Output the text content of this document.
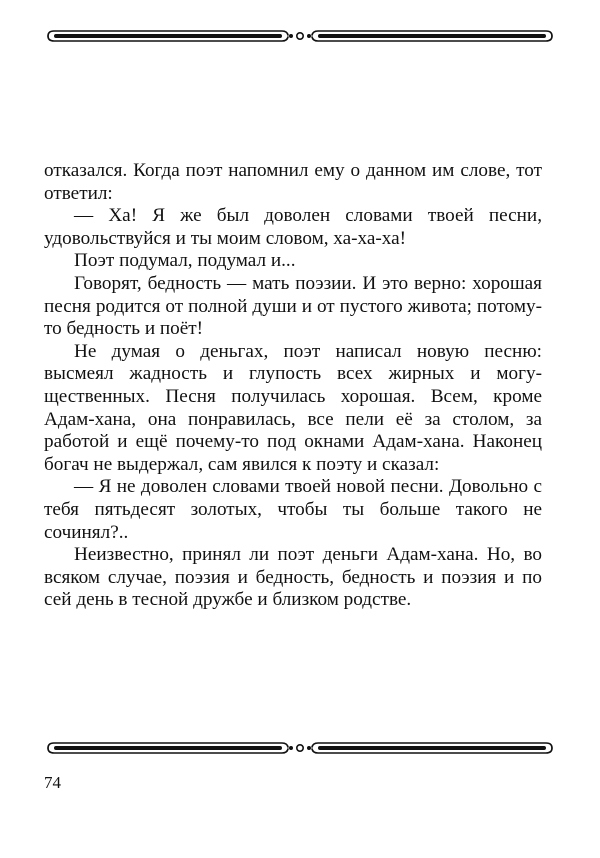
отказался. Когда поэт напомнил ему о данном им слове, тот ответил:

— Ха! Я же был доволен словами твоей песни, удовольствуйся и ты моим словом, ха-ха-ха!

Поэт подумал, подумал и...

Говорят, бедность — мать поэзии. И это верно: хорошая песня родится от полной души и от пустого живота; потому-то бедность и поёт!

Не думая о деньгах, поэт написал новую песню: высмеял жадность и глупость всех жирных и могущественных. Песня получилась хорошая. Всем, кроме Адам-хана, она понравилась, все пели её за столом, за работой и ещё почему-то под окнами Адам-хана. Наконец богач не выдержал, сам явился к поэту и сказал:

— Я не доволен словами твоей новой песни. Довольно с тебя пятьдесят золотых, чтобы ты больше такого не сочинял?..

Неизвестно, принял ли поэт деньги Адам-хана. Но, во всяком случае, поэзия и бедность, бедность и поэзия и по сей день в тесной дружбе и близком родстве.

74
